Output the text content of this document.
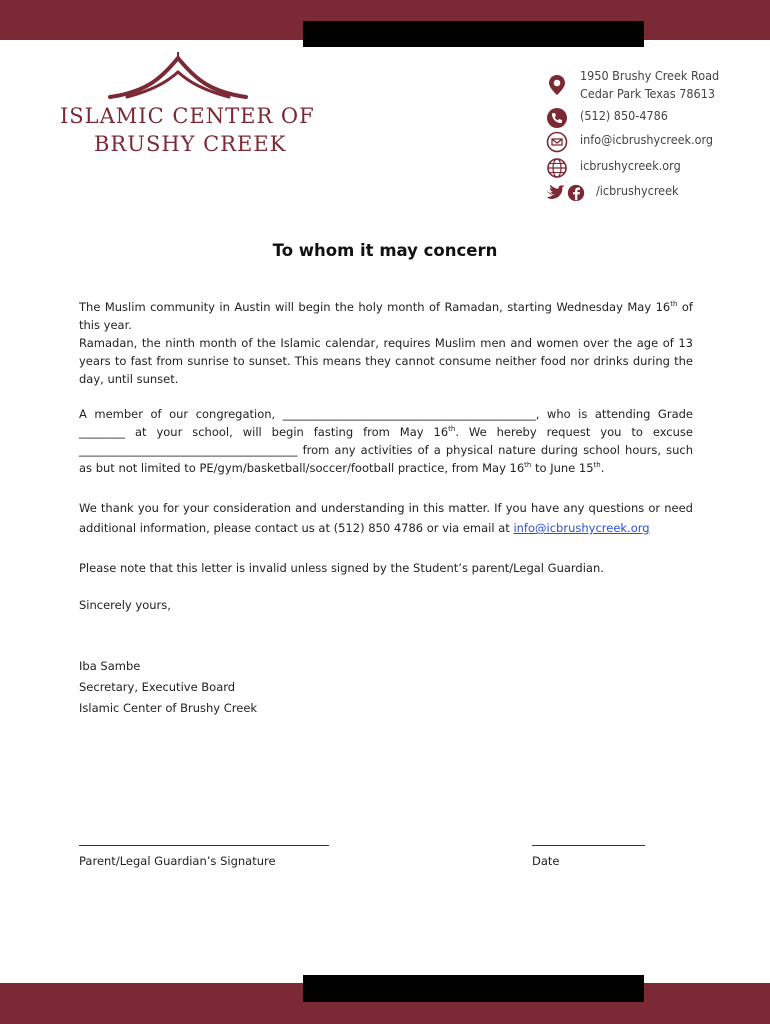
ISLAMIC CENTER OF
BRUSHY CREEK
1950 Brushy Creek Road
Cedar Park Texas 78613
(512) 850-4786
info@icbrushycreek.org
icbrushycreek.org
/icbrushycreek
To whom it may concern
The Muslim community in Austin will begin the holy month of Ramadan, starting Wednesday May 16th of this year.
Ramadan, the ninth month of the Islamic calendar, requires Muslim men and women over the age of 13 years to fast from sunrise to sunset. This means they cannot consume neither food nor drinks during the day, until sunset.
A member of our congregation, ____________________________________________, who is attending Grade ________ at your school, will begin fasting from May 16th. We hereby request you to excuse ______________________________________ from any activities of a physical nature during school hours, such as but not limited to PE/gym/basketball/soccer/football practice, from May 16th to June 15th.
We thank you for your consideration and understanding in this matter. If you have any questions or need additional information, please contact us at (512) 850 4786 or via email at info@icbrushycreek.org
Please note that this letter is invalid unless signed by the Student’s parent/Legal Guardian.
Sincerely yours,
Iba Sambe
Secretary, Executive Board
Islamic Center of Brushy Creek
Parent/Legal Guardian’s Signature	Date
